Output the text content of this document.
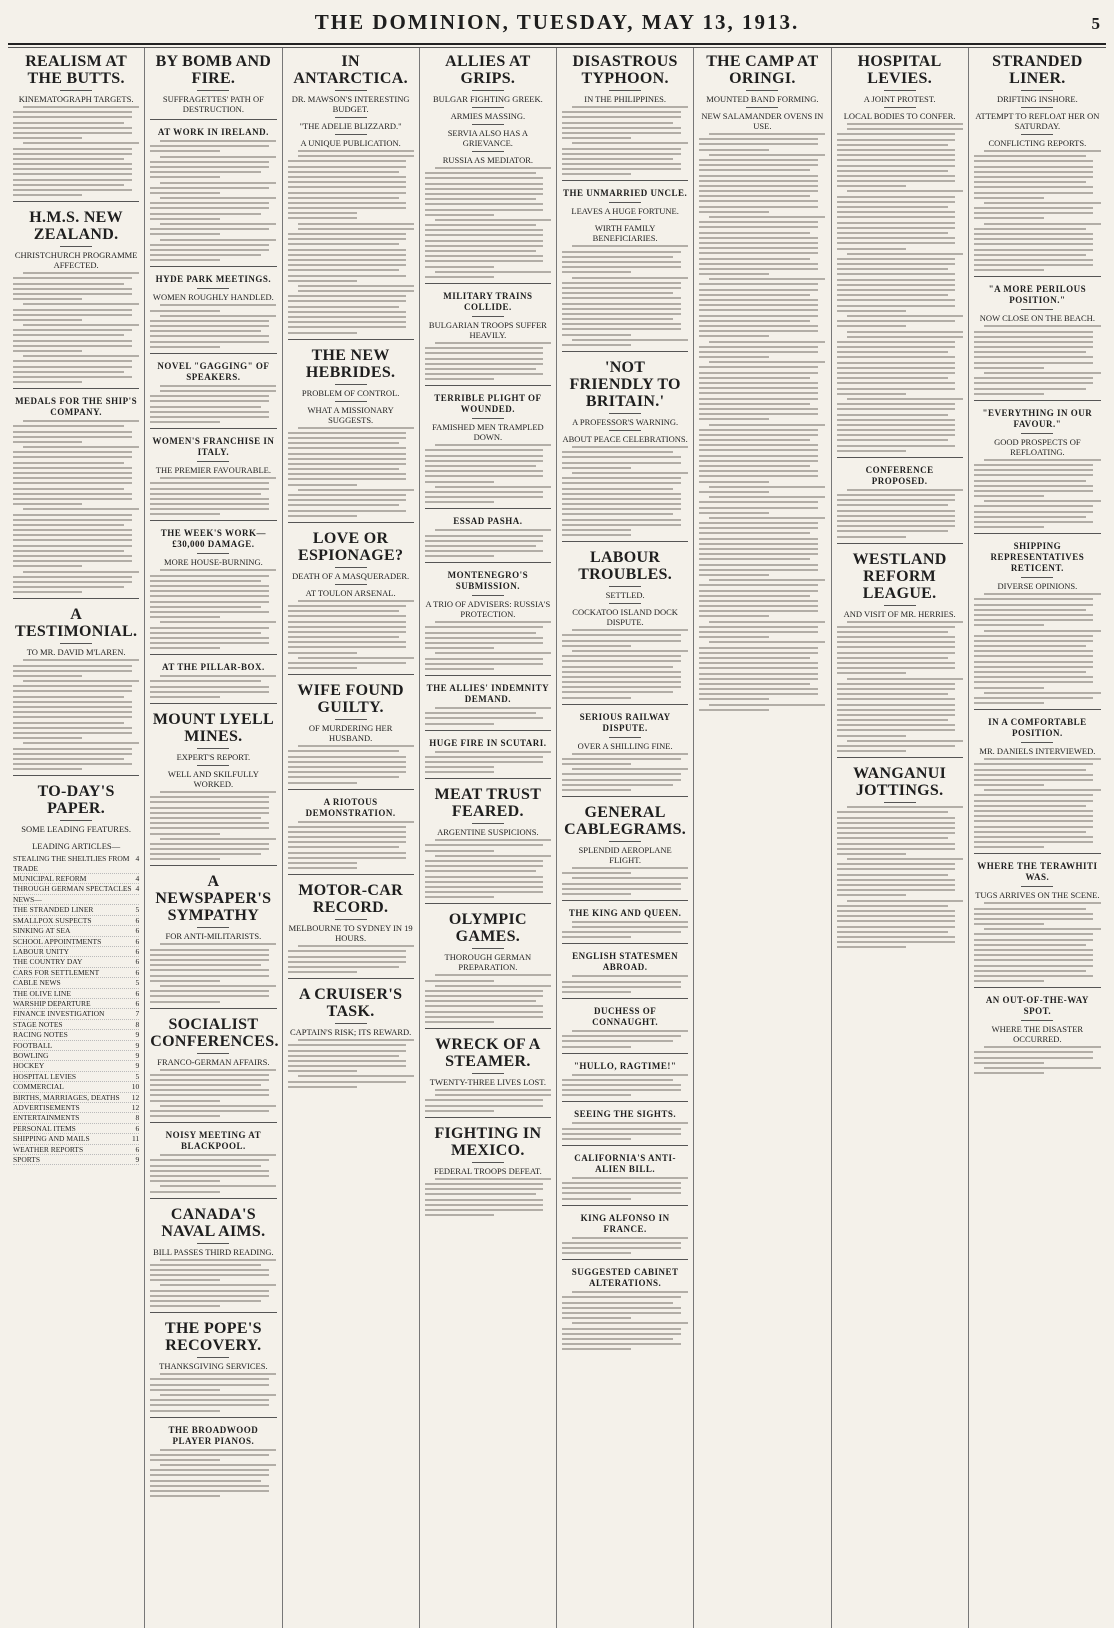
THE DOMINION, TUESDAY, MAY 13, 1913.	5
REALISM AT THE BUTTS.
KINEMATOGRAPH TARGETS.
H.M.S. NEW ZEALAND.
CHRISTCHURCH PROGRAMME AFFECTED.
MEDALS FOR THE SHIP'S COMPANY.
A TESTIMONIAL.
TO MR. DAVID M'LAREN.
TO-DAY'S PAPER.
SOME LEADING FEATURES.
LEADING ARTICLES—
STEALING THE SHELTLIES FROM TRADE
4
MUNICIPAL REFORM	4
THROUGH GERMAN SPECTACLES 4
NEWS—
THE STRANDED LINER	5
SMALLPOX SUSPECTS	6
SINKING AT SEA	6
SCHOOL APPOINTMENTS	6
LABOUR UNITY	6
THE COUNTRY DAY	6
CARS FOR SETTLEMENT	6
CABLE NEWS	5
THE OLIVE LINE	6
WARSHIP DEPARTURE	6
FINANCE INVESTIGATION	7
STAGE NOTES	8
RACING NOTES	9
FOOTBALL	9
BOWLING	9
HOCKEY	9
HOSPITAL LEVIES	5
COMMERCIAL	10
BIRTHS, MARRIAGES, DEATHS 12
ADVERTISEMENTS	12
ENTERTAINMENTS	8
PERSONAL ITEMS	6
SHIPPING AND MAILS	11
WEATHER REPORTS	6
SPORTS	9
BY BOMB AND FIRE.
SUFFRAGETTES' PATH OF DESTRUCTION.
AT WORK IN IRELAND.
HYDE PARK MEETINGS.
WOMEN ROUGHLY HANDLED.
NOVEL "GAGGING" OF SPEAKERS.
WOMEN'S FRANCHISE IN ITALY.
THE PREMIER FAVOURABLE.
THE WEEK'S WORK—£30,000 DAMAGE.
MORE HOUSE-BURNING.
AT THE PILLAR-BOX.
MOUNT LYELL MINES.
EXPERT'S REPORT.
WELL AND SKILFULLY WORKED.
A NEWSPAPER'S SYMPATHY
FOR ANTI-MILITARISTS.
SOCIALIST CONFERENCES.
FRANCO-GERMAN AFFAIRS.
NOISY MEETING AT BLACKPOOL.
CANADA'S NAVAL AIMS.
BILL PASSES THIRD READING.
THE POPE'S RECOVERY.
THANKSGIVING SERVICES.
THE BROADWOOD PLAYER PIANOS.
IN ANTARCTICA.
DR. MAWSON'S INTERESTING BUDGET.
"THE ADELIE BLIZZARD."
A UNIQUE PUBLICATION.
THE NEW HEBRIDES.
PROBLEM OF CONTROL.
WHAT A MISSIONARY SUGGESTS.
LOVE OR ESPIONAGE?
DEATH OF A MASQUERADER.
AT TOULON ARSENAL.
WIFE FOUND GUILTY.
OF MURDERING HER HUSBAND.
A RIOTOUS DEMONSTRATION.
MOTOR-CAR RECORD.
MELBOURNE TO SYDNEY IN 19 HOURS.
A CRUISER'S TASK.
CAPTAIN'S RISK; ITS REWARD.
ALLIES AT GRIPS.
BULGAR FIGHTING GREEK.
ARMIES MASSING.
SERVIA ALSO HAS A GRIEVANCE.
RUSSIA AS MEDIATOR.
MILITARY TRAINS COLLIDE.
BULGARIAN TROOPS SUFFER HEAVILY.
TERRIBLE PLIGHT OF WOUNDED.
FAMISHED MEN TRAMPLED DOWN.
ESSAD PASHA.
MONTENEGRO'S SUBMISSION.
A TRIO OF ADVISERS: RUSSIA'S PROTECTION.
THE ALLIES' INDEMNITY DEMAND.
HUGE FIRE IN SCUTARI.
MEAT TRUST FEARED.
ARGENTINE SUSPICIONS.
OLYMPIC GAMES.
THOROUGH GERMAN PREPARATION.
WRECK OF A STEAMER.
TWENTY-THREE LIVES LOST.
FIGHTING IN MEXICO.
FEDERAL TROOPS DEFEAT.
DISASTROUS TYPHOON.
IN THE PHILIPPINES.
THE UNMARRIED UNCLE.
LEAVES A HUGE FORTUNE.
WIRTH FAMILY BENEFICIARIES.
'NOT FRIENDLY TO BRITAIN.'
A PROFESSOR'S WARNING.
ABOUT PEACE CELEBRATIONS.
LABOUR TROUBLES.
SETTLED.
COCKATOO ISLAND DOCK DISPUTE.
SERIOUS RAILWAY DISPUTE.
OVER A SHILLING FINE.
GENERAL CABLEGRAMS.
SPLENDID AEROPLANE FLIGHT.
THE KING AND QUEEN.
ENGLISH STATESMEN ABROAD.
DUCHESS OF CONNAUGHT.
"HULLO, RAGTIME!"
SEEING THE SIGHTS.
CALIFORNIA'S ANTI-ALIEN BILL.
KING ALFONSO IN FRANCE.
SUGGESTED CABINET ALTERATIONS.
THE CAMP AT ORINGI.
MOUNTED BAND FORMING.
NEW SALAMANDER OVENS IN USE.
HOSPITAL LEVIES.
A JOINT PROTEST.
LOCAL BODIES TO CONFER.
CONFERENCE PROPOSED.
WESTLAND REFORM LEAGUE.
AND VISIT OF MR. HERRIES.
WANGANUI JOTTINGS.
STRANDED LINER.
DRIFTING INSHORE.
ATTEMPT TO REFLOAT HER ON SATURDAY.
CONFLICTING REPORTS.
"A MORE PERILOUS POSITION."
NOW CLOSE ON THE BEACH.
"EVERYTHING IN OUR FAVOUR."
GOOD PROSPECTS OF REFLOATING.
SHIPPING REPRESENTATIVES RETICENT.
DIVERSE OPINIONS.
IN A COMFORTABLE POSITION.
MR. DANIELS INTERVIEWED.
WHERE THE TERAWHITI WAS.
TUGS ARRIVES ON THE SCENE.
AN OUT-OF-THE-WAY SPOT.
WHERE THE DISASTER OCCURRED.
